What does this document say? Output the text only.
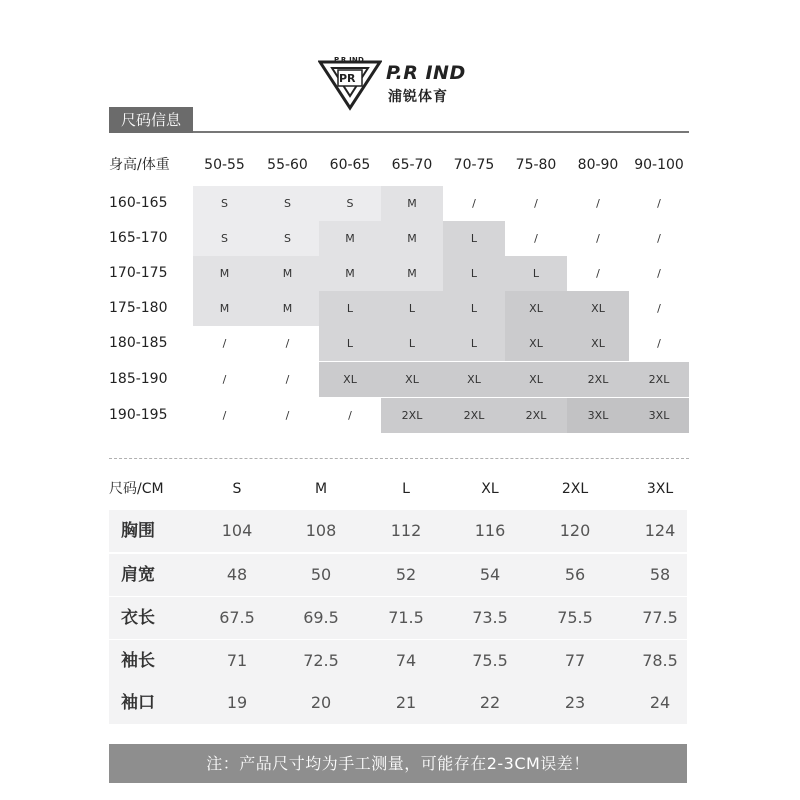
P.R IND
PR P.R IND
浦锐体育
尺码信息
身高/体重	50-55	55-60	60-65	65-70	70-75	75-80	80-90	90-100
160-165	S	S	S	M	/	/	/	/
165-170	S	S	M	M	L	/	/	/
170-175	M	M	M	M	L	L	/	/
175-180	M	M	L	L	L	XL	XL	/
180-185	/	/	L	L	L	XL	XL	/
185-190	/	/	XL	XL	XL	XL	2XL	2XL
190-195	/	/	/	2XL	2XL	2XL	3XL	3XL
尺码/CM	S	M	L	XL	2XL	3XL
胸围	104	108	112	116	120	124
肩宽	48	50	52	54	56	58
衣长	67.5	69.5	71.5	73.5	75.5	77.5
袖长	71	72.5	74	75.5	77	78.5
袖口	19	20	21	22	23	24
注：产品尺寸均为手工测量，可能存在2-3CM误差！
